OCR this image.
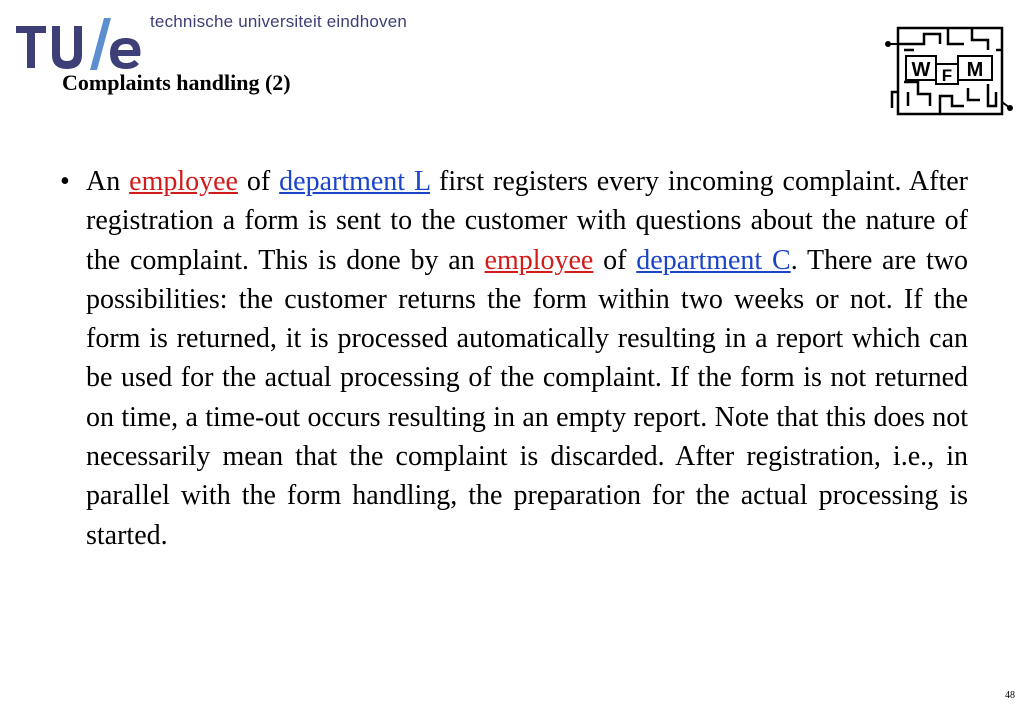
technische universiteit eindhoven
Complaints handling (2)	W F M
• An employee of department L first registers every incoming complaint. After registration a form is sent to the customer with questions about the nature of the complaint. This is done by an employee of department C. There are two possibilities: the customer returns the form within two weeks or not. If the form is returned, it is processed automatically resulting in a report which can be used for the actual processing of the complaint. If the form is not returned on time, a time-out occurs resulting in an empty report. Note that this does not necessarily mean that the complaint is discarded. After registration, i.e., in parallel with the form handling, the preparation for the actual processing is started.

48
